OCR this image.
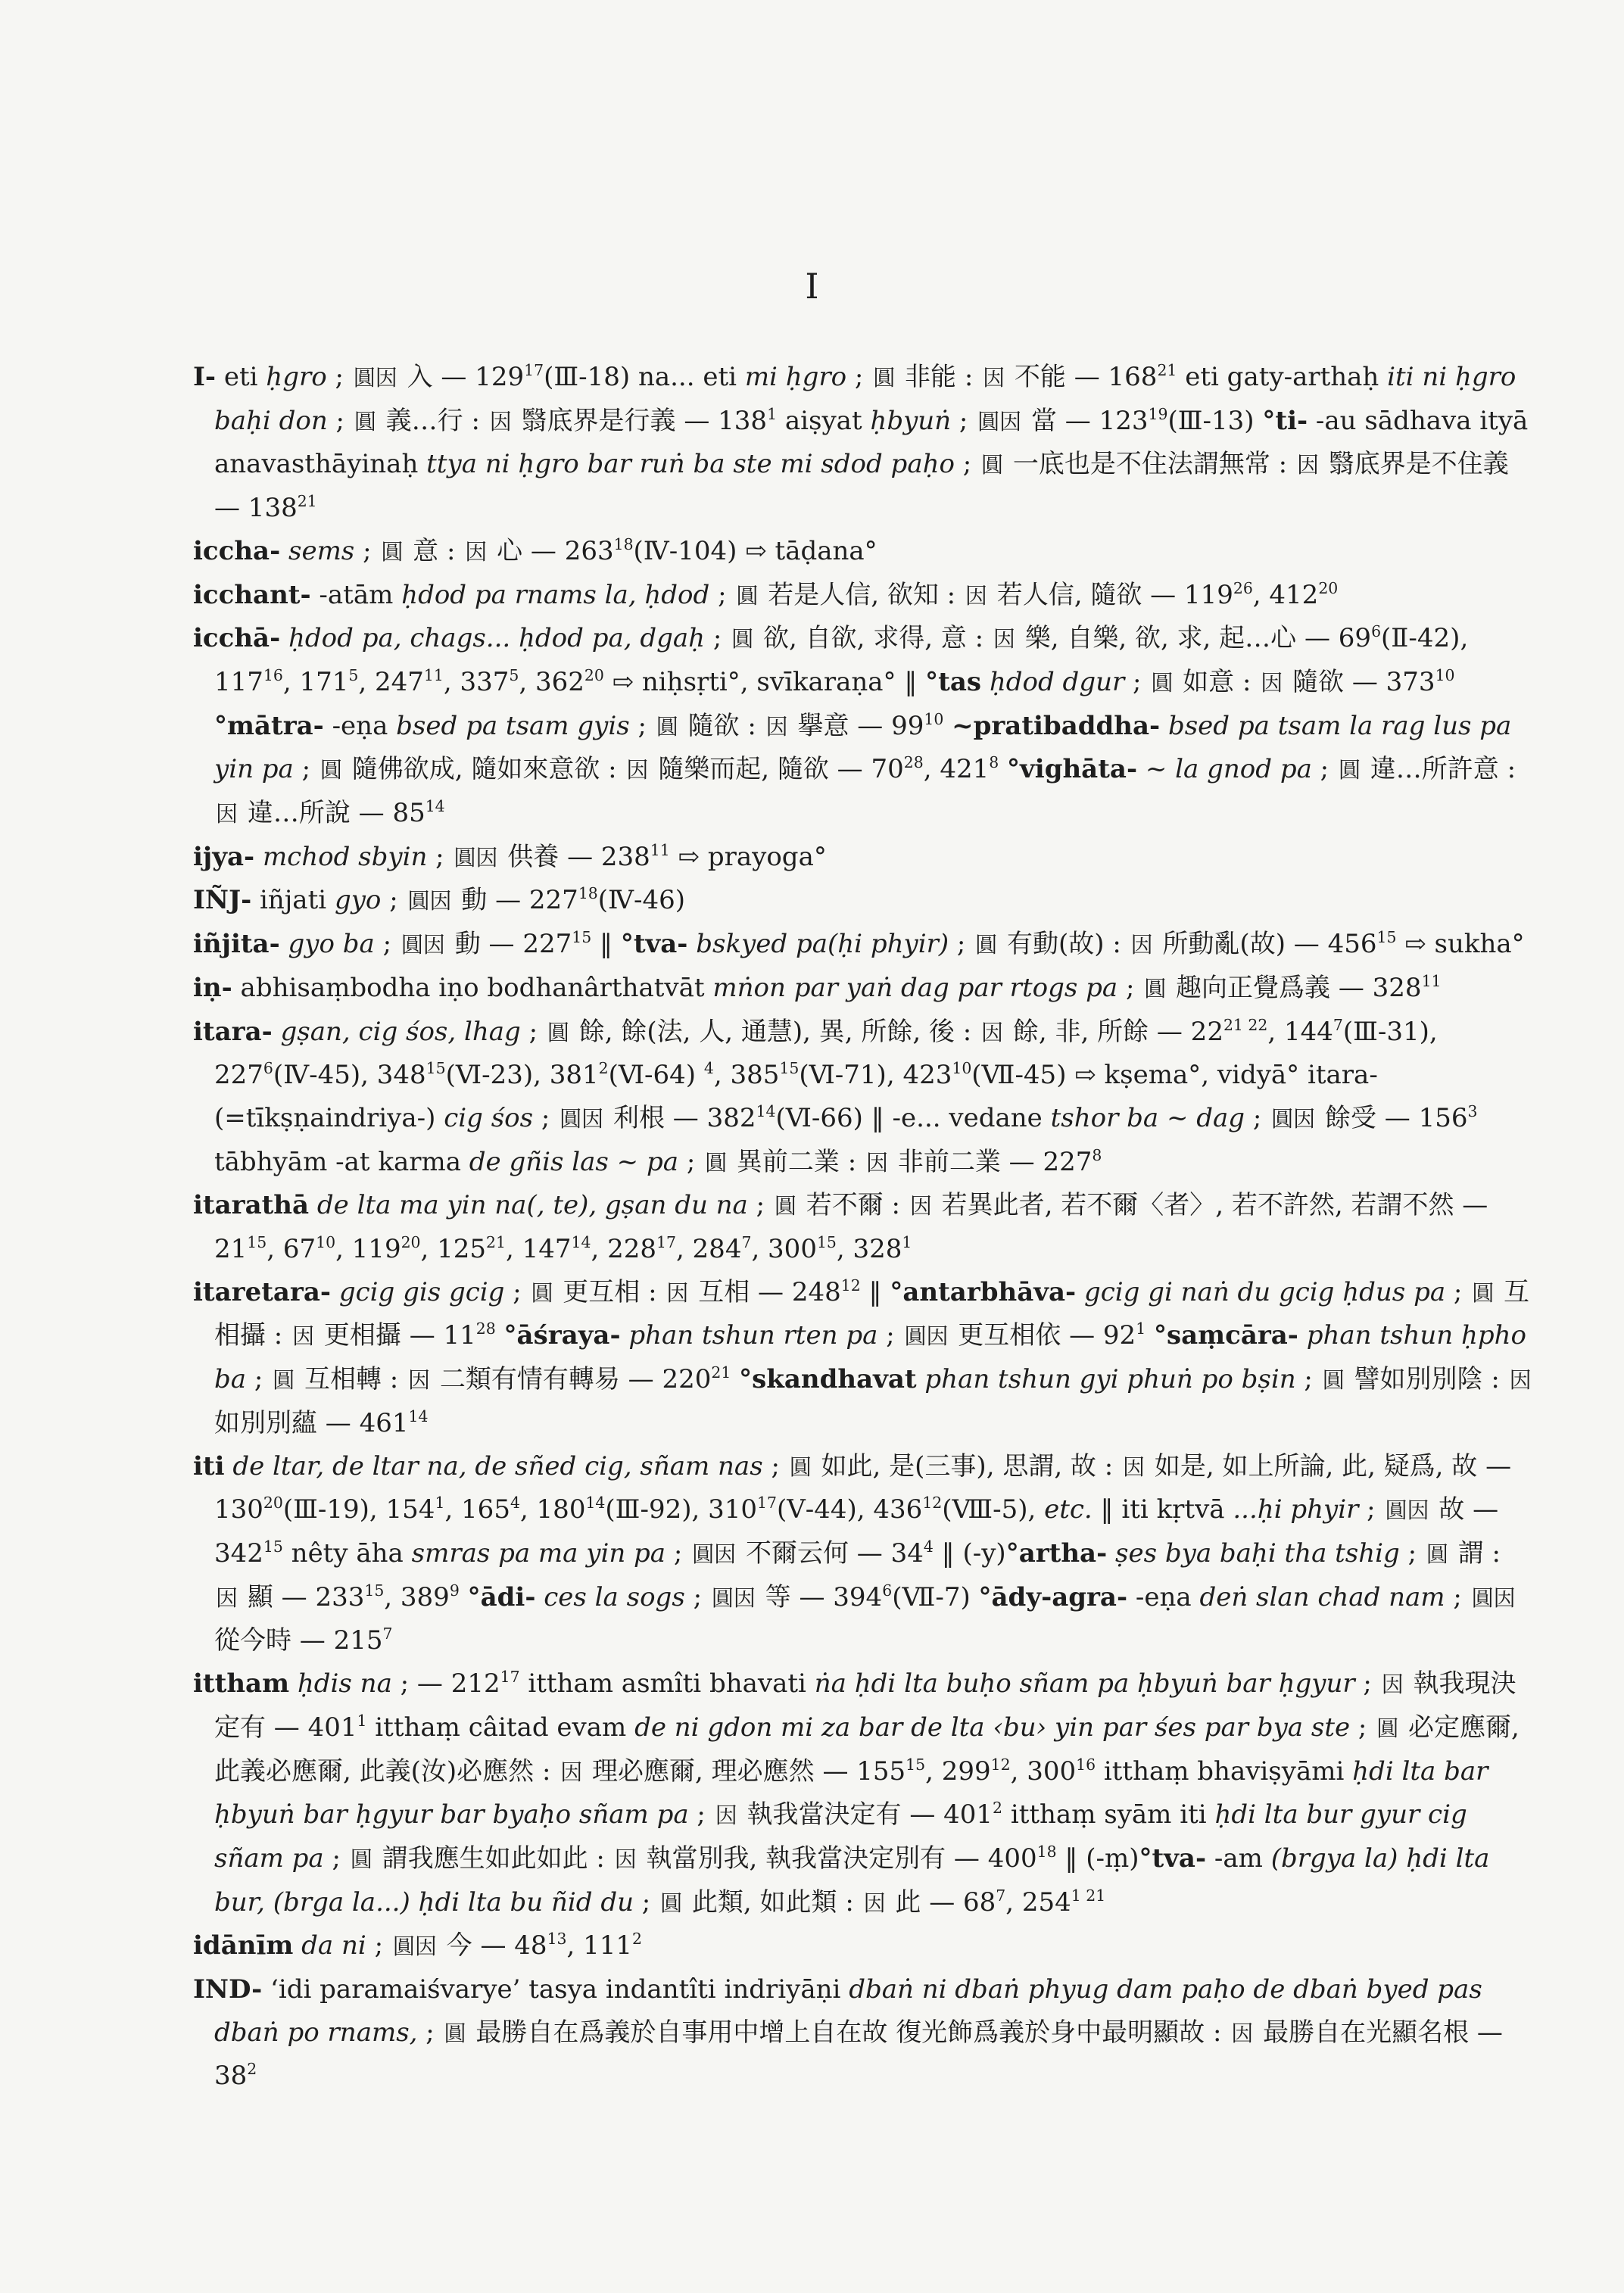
I
I- eti ḥgro ; 圓因 入 — $129^{17}(Ⅲ-18)$ na... eti mi ḥgro ; 圓 非能 : 因 不能 — $168^{21}$ eti gaty-arthaḥ iti ni ḥgro baḥi don ; 圓 義…行 : 因 翳底界是行義 — $138^1$ aiṣyat ḥbyuṅ ; 圓因 當 — $123^{19}(Ⅲ-13)$ °ti- -au sādhava ityā anavasthāyinaḥ ttya ni ḥgro bar ruṅ ba ste mi sdod paḥo ; 圓 一底也是不住法謂無常 : 因 翳底界是不住義 — $138^{21}$
iccha- sems ; 圓 意 : 因 心 — $263^{18}(Ⅳ-104)$ ⇨ tāḍana°
icchant- -atām ḥdod pa rnams la, ḥdod ; 圓 若是人信, 欲知 : 因 若人信, 隨欲 — $119^{26}$, $412^{20}$
icchā- ḥdod pa, chags... ḥdod pa, dgaḥ ; 圓 欲, 自欲, 求得, 意 : 因 樂, 自樂, 欲, 求, 起…心 — $69^6(Ⅱ-42)$, $117^{16}$, $171^5$, $247^{11}$, $337^5$, $362^{20}$ ⇨ niḥsṛti°, svīkaraṇa° ‖ °tas ḥdod dgur ; 圓 如意 : 因 隨欲 — $373^{10}$ °mātra- -eṇa bsed pa tsam gyis ; 圓 隨欲 : 因 擧意 — $99^{10}$ ~pratibaddha- bsed pa tsam la rag lus pa yin pa ; 圓 隨佛欲成, 隨如來意欲 : 因 隨樂而起, 隨欲 — $70^{28}$, $421^8$ °vighāta- ~ la gnod pa ; 圓 違…所許意 : 因 違…所說 — $85^{14}$
ijya- mchod sbyin ; 圓因 供養 — $238^{11}$ ⇨ prayoga°
IÑJ- iñjati gyo ; 圓因 動 — $227^{18}(Ⅳ-46)$
iñjita- gyo ba ; 圓因 動 — $227^{15}$ ‖ °tva- bskyed pa(ḥi phyir) ; 圓 有動(故) : 因 所動亂(故) — $456^{15}$ ⇨ sukha°
iṇ- abhisaṃbodha iṇo bodhanârthatvāt mṅon par yaṅ dag par rtogs pa ; 圓 趣向正覺爲義 — $328^{11}$
itara- gṣan, cig śos, lhag ; 圓 餘, 餘(法, 人, 通慧), 異, 所餘, 後 : 因 餘, 非, 所餘 — $22^{21 22}$, $144^7(Ⅲ-31)$, $227^6(Ⅳ-45)$, $348^{15}(Ⅵ-23)$, $381^2(Ⅵ-64)$ $^4$, $385^{15}(Ⅵ-71)$, $423^{10}(Ⅶ-45)$ ⇨ kṣema°, vidyā° itara-(=tīkṣṇaindriya-) cig śos ; 圓因 利根 — $382^{14}(Ⅵ-66)$ ‖ -e... vedane tshor ba ~ dag ; 圓因 餘受 — $156^3$ tābhyām -at karma de gñis las ~ pa ; 圓 異前二業 : 因 非前二業 — $227^8$
itarathā de lta ma yin na(, te), gṣan du na ; 圓 若不爾 : 因 若異此者, 若不爾〈者〉, 若不許然, 若謂不然 — $21^{15}$, $67^{10}$, $119^{20}$, $125^{21}$, $147^{14}$, $228^{17}$, $284^7$, $300^{15}$, $328^1$
itaretara- gcig gis gcig ; 圓 更互相 : 因 互相 — $248^{12}$ ‖ °antarbhāva- gcig gi naṅ du gcig ḥdus pa ; 圓 互相攝 : 因 更相攝 — $11^{28}$ °āśraya- phan tshun rten pa ; 圓因 更互相依 — $92^1$ °saṃcāra- phan tshun ḥpho ba ; 圓 互相轉 : 因 二類有情有轉易 — $220^{21}$ °skandhavat phan tshun gyi phuṅ po bṣin ; 圓 譬如別別陰 : 因 如別別蘊 — $461^{14}$
iti de ltar, de ltar na, de sñed cig, sñam nas ; 圓 如此, 是(三事), 思謂, 故 : 因 如是, 如上所論, 此, 疑爲, 故 — $130^{20}(Ⅲ-19)$, $154^1$, $165^4$, $180^{14}(Ⅲ-92)$, $310^{17}(Ⅴ-44)$, $436^{12}(Ⅷ-5)$, etc. ‖ iti kṛtvā ...ḥi phyir ; 圓因 故 — $342^{15}$ nêty āha smras pa ma yin pa ; 圓因 不爾云何 — $34^4$ ‖ (-y)°artha- ṣes bya baḥi tha tshig ; 圓 謂 : 因 顯 — $233^{15}$, $389^9$ °ādi- ces la sogs ; 圓因 等 — $394^6(Ⅶ-7)$ °ādy-agra- -eṇa deṅ slan chad nam ; 圓因 從今時 — $215^7$
ittham ḥdis na ; — $212^{17}$ ittham asmîti bhavati ṅa ḥdi lta buḥo sñam pa ḥbyuṅ bar ḥgyur ; 因 執我現決定有 — $401^1$ itthaṃ câitad evam de ni gdon mi za bar de lta ‹bu› yin par śes par bya ste ; 圓 必定應爾, 此義必應爾, 此義(汝)必應然 : 因 理必應爾, 理必應然 — $155^{15}$, $299^{12}$, $300^{16}$ itthaṃ bhaviṣyāmi ḥdi lta bar ḥbyuṅ bar ḥgyur bar byaḥo sñam pa ; 因 執我當決定有 — $401^2$ itthaṃ syām iti ḥdi lta bur gyur cig sñam pa ; 圓 謂我應生如此如此 : 因 執當別我, 執我當決定別有 — $400^{18}$ ‖ (-ṃ)°tva- -am (brgya la) ḥdi lta bur, (brga la...) ḥdi lta bu ñid du ; 圓 此類, 如此類 : 因 此 — $68^7$, $254^{1 21}$
idānīm da ni ; 圓因 今 — $48^{13}$, $111^2$
IND- ‘idi paramaiśvarye’ tasya indantîti indriyāṇi dbaṅ ni dbaṅ phyug dam paḥo de dbaṅ byed pas dbaṅ po rnams, ; 圓 最勝自在爲義於自事用中增上自在故 復光飾爲義於身中最明顯故 : 因 最勝自在光顯名根 — $38^2$
